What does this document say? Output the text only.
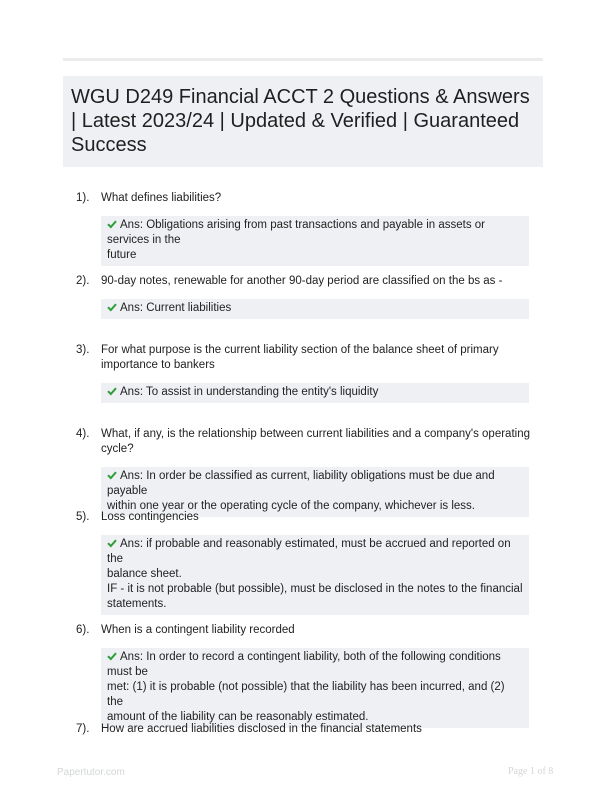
WGU D249 Financial ACCT 2 Questions & Answers | Latest 2023/24 | Updated & Verified | Guaranteed Success
1). What defines liabilities?
Ans: Obligations arising from past transactions and payable in assets or services in the
future
2). 90-day notes, renewable for another 90-day period are classified on the bs as -
Ans: Current liabilities
3). For what purpose is the current liability section of the balance sheet of primary importance to bankers
Ans: To assist in understanding the entity's liquidity
4). What, if any, is the relationship between current liabilities and a company's operating cycle?
Ans: In order be classified as current, liability obligations must be due and payable
within one year or the operating cycle of the company, whichever is less.
5). Loss contingencies
Ans: if probable and reasonably estimated, must be accrued and reported on the
balance sheet.
IF - it is not probable (but possible), must be disclosed in the notes to the financial
statements.
6). When is a contingent liability recorded
Ans: In order to record a contingent liability, both of the following conditions must be
met: (1) it is probable (not possible) that the liability has been incurred, and (2) the
amount of the liability can be reasonably estimated.
7). How are accrued liabilities disclosed in the financial statements
Papertutor.com	Page 1 of 8
